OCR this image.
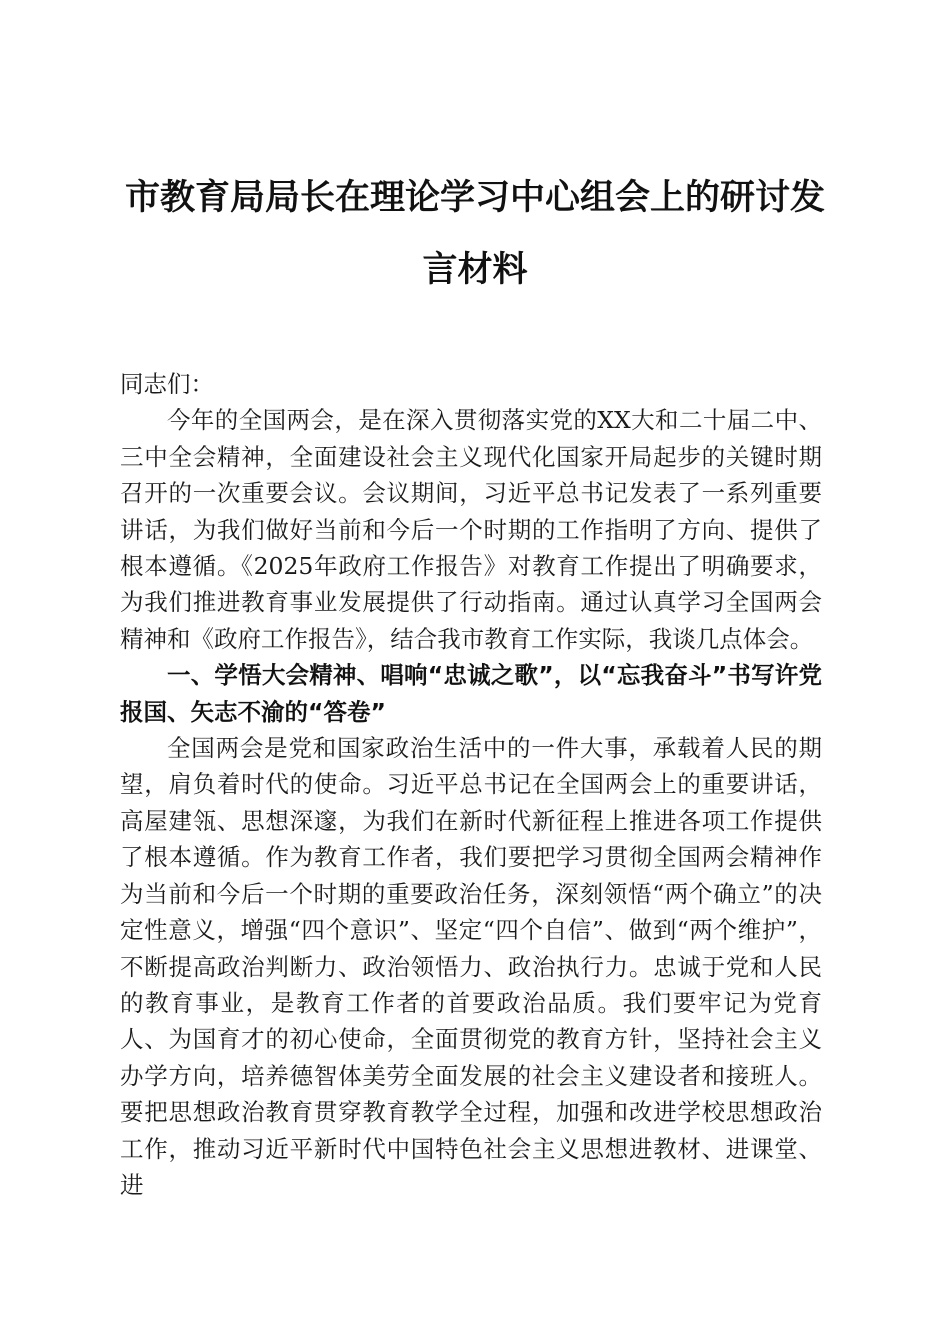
市教育局局长在理论学习中心组会上的研讨发
言材料

同志们：

今年的全国两会，是在深入贯彻落实党的XX大和二十届二中、三中全会精神，全面建设社会主义现代化国家开局起步的关键时期召开的一次重要会议。会议期间，习近平总书记发表了一系列重要讲话，为我们做好当前和今后一个时期的工作指明了方向、提供了根本遵循。《2025年政府工作报告》对教育工作提出了明确要求，为我们推进教育事业发展提供了行动指南。通过认真学习全国两会精神和《政府工作报告》，结合我市教育工作实际，我谈几点体会。

一、学悟大会精神、唱响“忠诚之歌”，以“忘我奋斗”书写许党报国、矢志不渝的“答卷”

全国两会是党和国家政治生活中的一件大事，承载着人民的期望，肩负着时代的使命。习近平总书记在全国两会上的重要讲话，高屋建瓴、思想深邃，为我们在新时代新征程上推进各项工作提供了根本遵循。作为教育工作者，我们要把学习贯彻全国两会精神作为当前和今后一个时期的重要政治任务，深刻领悟“两个确立”的决定性意义，增强“四个意识”、坚定“四个自信”、做到“两个维护”，不断提高政治判断力、政治领悟力、政治执行力。忠诚于党和人民的教育事业，是教育工作者的首要政治品质。我们要牢记为党育人、为国育才的初心使命，全面贯彻党的教育方针，坚持社会主义办学方向，培养德智体美劳全面发展的社会主义建设者和接班人。要把思想政治教育贯穿教育教学全过程，加强和改进学校思想政治工作，推动习近平新时代中国特色社会主义思想进教材、进课堂、进
